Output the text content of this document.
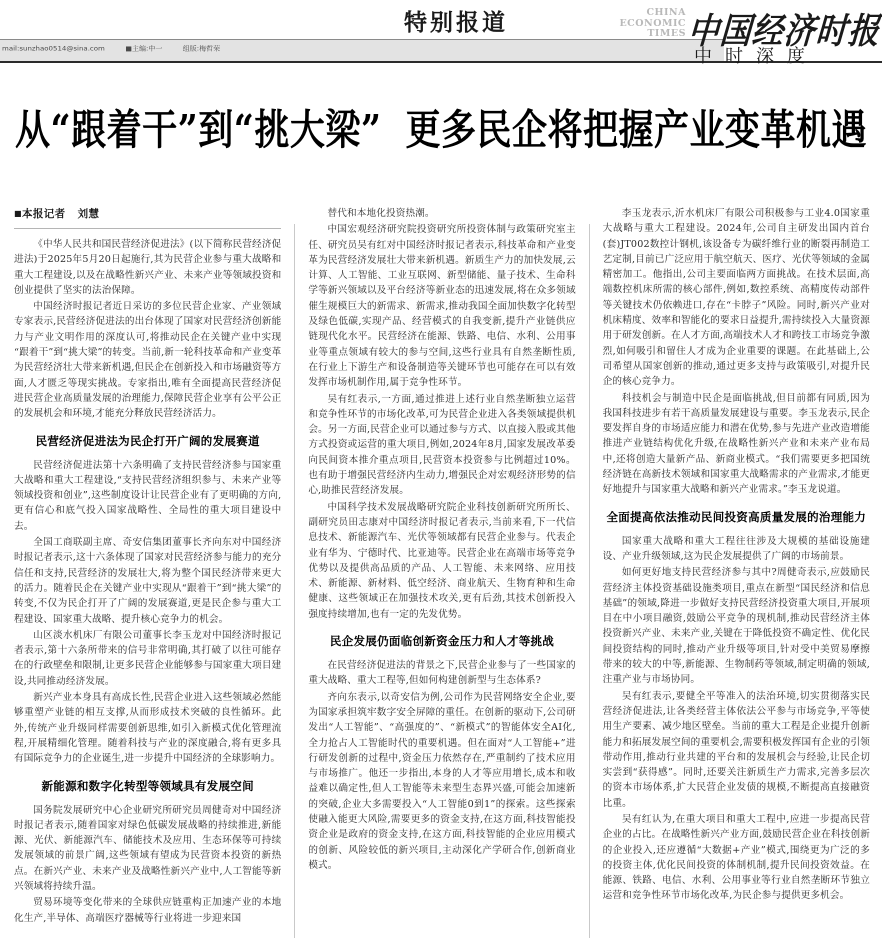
特别报道
mail:sunzhao0514@sina.com	■主编:中一	组版:梅哲荣
CHINA
ECONOMIC
TIMES 中国经济时报
中时深度
从“跟着干”到“挑大梁” 更多民企将把握产业变革机遇
■本报记者 刘慧

《中华人民共和国民营经济促进法》(以下简称民营经济促进法)于2025年5月20日起施行,其为民营企业参与重大战略和重大工程建设,以及在战略性新兴产业、未来产业等领域投资和创业提供了坚实的法治保障。

中国经济时报记者近日采访的多位民营企业家、产业领域专家表示,民营经济促进法的出台体现了国家对民营经济创新能力与产业文明作用的深度认可,将推动民企在关键产业中实现“跟着干”到“挑大梁”的转变。当前,新一轮科技革命和产业变革为民营经济壮大带来新机遇,但民企在创新投入和市场融资等方面,人才匮乏等现实挑战。专家指出,唯有全面提高民营经济促进民营企业高质量发展的治理能力,保障民营企业享有公平公正的发展机会和环境,才能充分释放民营经济活力。

民营经济促进法为民企打开广阔的发展赛道

民营经济促进法第十六条明确了支持民营经济参与国家重大战略和重大工程建设,“支持民营经济组织参与、未来产业等领域投资和创业”,这些制度设计让民营企业有了更明确的方向,更有信心和底气投入国家战略性、全局性的重大项目建设中去。

全国工商联副主席、奇安信集团董事长齐向东对中国经济时报记者表示,这十六条体现了国家对民营经济参与能力的充分信任和支持,民营经济的发展壮大,将为整个国民经济带来更大的活力。随着民企在关键产业中实现从“跟着干”到“挑大梁”的转变,不仅为民企打开了广阔的发展赛道,更是民企参与重大工程建设、国家重大战略、提升核心竞争力的机会。

山区淡水机床厂有限公司董事长李玉龙对中国经济时报记者表示,第十六条所带来的信号非常明确,其打破了以往可能存在的行政壁垒和限制,让更多民营企业能够参与国家重大项目建设,共同推动经济发展。

新兴产业本身具有高成长性,民营企业进入这些领域必然能够重塑产业链的相互支撑,从而形成技术突破的良性循环。此外,传统产业升级同样需要创新思维,如引入新模式优化管理流程,开展精细化管理。随着科技与产业的深度融合,将有更多具有国际竞争力的企业诞生,进一步提升中国经济的全球影响力。

新能源和数字化转型等领域具有发展空间

国务院发展研究中心企业研究所研究员周健奇对中国经济时报记者表示,随着国家对绿色低碳发展战略的持续推进,新能源、光伏、新能源汽车、储能技术及应用、生态环保等可持续发展领域的前景广阔,这些领域有望成为民营资本投资的新热点。在新兴产业、未来产业及战略性新兴产业中,人工智能等新兴领域将持续升温。

贸易环境等变化带来的全球供应链重构正加速产业的本地化生产,半导体、高端医疗器械等行业将进一步迎来国

替代和本地化投资热潮。

中国宏观经济研究院投资研究所投资体制与政策研究室主任、研究员吴有红对中国经济时报记者表示,科技革命和产业变革为民营经济发展壮大带来新机遇。新质生产力的加快发展,云计算、人工智能、工业互联网、新型储能、量子技术、生命科学等新兴领域以及平台经济等新业态的迅速发展,将在众多领域催生规模巨大的新需求、新需求,推动我国全面加快数字化转型及绿色低碳,实现产品、经营模式的自我变新,提升产业链供应链现代化水平。民营经济在能源、铁路、电信、水利、公用事业等重点领域有较大的参与空间,这些行业具有自然垄断性质,在行业上下游生产和设备制造等关键环节也可能存在可以有效发挥市场机制作用,属于竞争性环节。

吴有红表示,一方面,通过推进上述行业自然垄断独立运营和竞争性环节的市场化改革,可为民营企业进入各类领域提供机会。另一方面,民营企业可以通过参与方式、以直接入股或其他方式投资或运营的重大项目,例如,2024年8月,国家发展改革委向民间资本推介重点项目,民营资本投资参与比例超过10%。也有助于增强民营经济内生动力,增强民企对宏观经济形势的信心,助推民营经济发展。

中国科学技术发展战略研究院企业科技创新研究所所长、副研究员田志康对中国经济时报记者表示,当前来看,下一代信息技术、新能源汽车、光伏等领域都有民营企业参与。代表企业有华为、宁德时代、比亚迪等。民营企业在高端市场等竞争优势以及提供高品质的产品、人工智能、未来网络、应用技术、新能源、新材料、低空经济、商业航天、生物育种和生命健康、这些领域正在加强技术攻关,更有后劲,其技术创新投入强度持续增加,也有一定的先发优势。

民企发展仍面临创新资金压力和人才等挑战

在民营经济促进法的背景之下,民营企业参与了一些国家的重大战略、重大工程等,但如何构建创新型与生态体系?

齐向东表示,以奇安信为例,公司作为民营网络安全企业,要为国家承担筑牢数字安全屏障的重任。在创新的驱动下,公司研发出“人工智能”、“高强度的”、“新模式”的智能体安全AI化,全力抢占人工智能时代的重要机遇。但在面对“人工智能+”进行研发创新的过程中,资金压力依然存在,严重制约了技术应用与市场推广。他还一步指出,本身的人才等应用增长,成本和收益难以确定性,但人工智能等未来型生态界兴盛,可能会加速新的突破,企业大多需要投入“人工智能0到1”的探索。这些探索使融入能更大风险,需要更多的资金支持,在这方面,科技智能投资企业是政府的资金支持,在这方面,科技智能的企业应用模式的创新、风险较低的新兴项目,主动深化产学研合作,创新商业模式。

李玉龙表示,沂水机床厂有限公司积极参与工业4.0国家重大战略与重大工程建设。2024年,公司自主研发出国内首台(套)JT002数控计钢机,该设备专为碳纤维行业的断裂再制造工艺定制,目前已广泛应用于航空航天、医疗、光伏等领域的金属精密加工。他指出,公司主要面临两方面挑战。在技术层面,高端数控机床所需的核心部件,例如,数控系统、高精度传动部件等关键技术仍依赖进口,存在“卡脖子”风险。同时,新兴产业对机床精度、效率和智能化的要求日益提升,需持续投入大量资源用于研发创新。在人才方面,高端技术人才和跨技工市场竞争激烈,如何吸引和留住人才成为企业重要的课题。在此基础上,公司希望从国家创新的推动,通过更多支持与政策吸引,对提升民企的核心竞争力。

科技机会与制造中民企是面临挑战,但目前都有同质,因为我国科技进步有若干高质量发展建设与重要。李玉龙表示,民企要发挥自身的市场适应能力和潜在优势,参与先进产业改造增能推进产业链结构优化升级,在战略性新兴产业和未来产业布局中,还将创造大量新产品、新商业模式。“我们需要更多把国统经济链在高新技术领域和国家重大战略需求的产业需求,才能更好地提升与国家重大战略和新兴产业需求。”李玉龙说道。

全面提高依法推动民间投资高质量发展的治理能力

国家重大战略和重大工程往往涉及大规模的基础设施建设、产业升级领域,这为民企发展提供了广阔的市场前景。

如何更好地支持民营经济参与其中?周健奇表示,应鼓励民营经济主体投资基础设施类项目,重点在新型“国民经济和信息基础”的领域,降进一步做好支持民营经济投资重大项目,开展项目在中小项目融资,鼓励公平竞争的现机制,推动民营经济主体投资新兴产业、未来产业,关键在于降低投资不确定性、优化民间投资结构的同时,推动产业升级等项目,针对受中美贸易摩擦带来的较大的中等,新能源、生物制药等领域,制定明确的领域,注重产业与市场协同。

吴有红表示,要健全平等准入的法治环境,切实贯彻落实民营经济促进法,让各类经营主体依法公平参与市场竞争,平等使用生产要素、减少地区壁垒。当前的重大工程是企业提升创新能力和拓展发展空间的重要机会,需要积极发挥国有企业的引领带动作用,推动行业共建的平台和的发展机会与经验,让民企切实尝到“获得感”。同时,还要关注新质生产力需求,完善多层次的资本市场体系,扩大民营企业发债的规模,不断提高直接融资比重。

吴有红认为,在重大项目和重大工程中,应进一步提高民营企业的占比。在战略性新兴产业方面,鼓励民营企业在科技创新的企业投入,还应遵循“大数据+产业”模式,围绕更为广泛的多的投资主体,优化民间投资的体制机制,提升民间投资效益。在能源、铁路、电信、水利、公用事业等行业自然垄断环节独立运营和竞争性环节市场化改革,为民企参与提供更多机会。
